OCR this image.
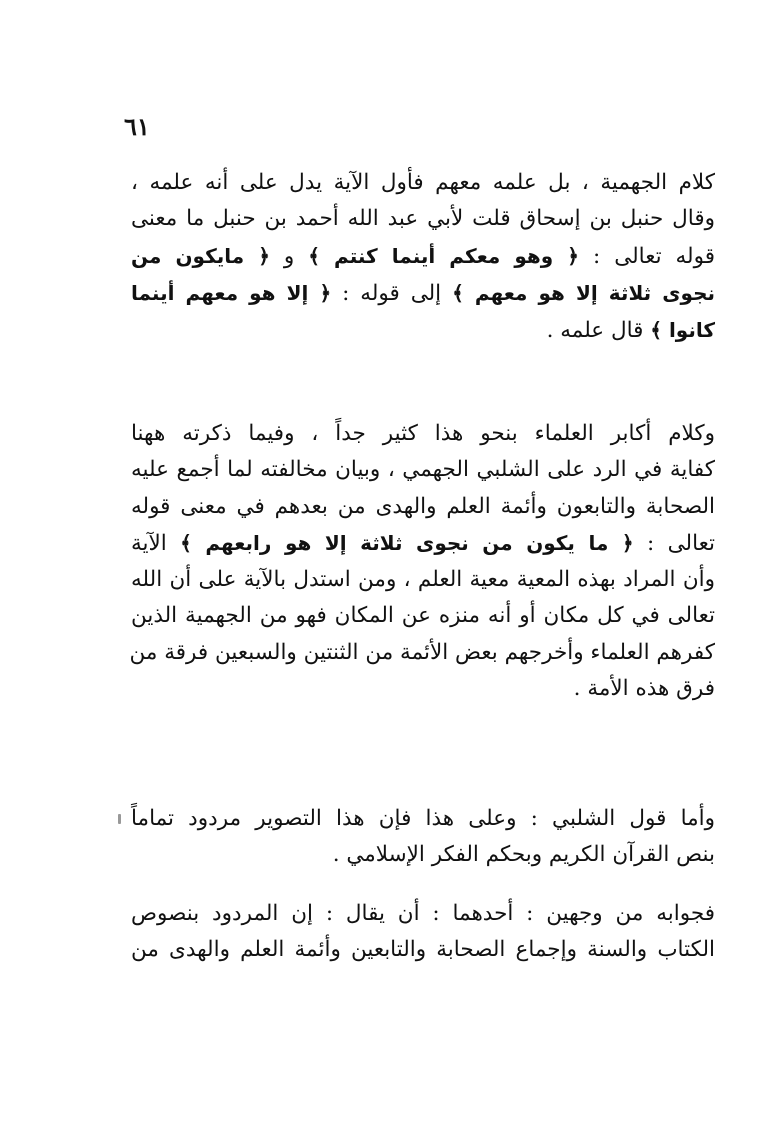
٦١
كلام الجهمية ، بل علمه معهم فأول الآية يدل على أنه علمه ،
وقال حنبل بن إسحاق قلت لأبي عبد الله أحمد بن حنبل ما معنى
قوله تعالى : ﴿ وهو معكم أينما كنتم ﴾ و ﴿ مايكون من
نجوى ثلاثة إلا هو معهم ﴾ إلى قوله : ﴿ إلا هو معهم أينما
كانوا ﴾ قال علمه .
وكلام أكابر العلماء بنحو هذا كثير جداً ، وفيما ذكرته ههنا
كفاية في الرد على الشلبي الجهمي ، وبيان مخالفته لما أجمع عليه
الصحابة والتابعون وأئمة العلم والهدى من بعدهم في معنى قوله
تعالى : ﴿ ما يكون من نجوى ثلاثة إلا هو رابعهم ﴾ الآية
وأن المراد بهذه المعية معية العلم ، ومن استدل بالآية على أن الله
تعالى في كل مكان أو أنه منزه عن المكان فهو من الجهمية الذين
كفرهم العلماء وأخرجهم بعض الأئمة من الثنتين والسبعين فرقة من
فرق هذه الأمة .
وأما قول الشلبي : وعلى هذا فإن هذا التصوير مردود تماماً
بنص القرآن الكريم وبحكم الفكر الإسلامي .
فجوابه من وجهين : أحدهما : أن يقال : إن المردود بنصوص
الكتاب والسنة وإجماع الصحابة والتابعين وأئمة العلم والهدى من
